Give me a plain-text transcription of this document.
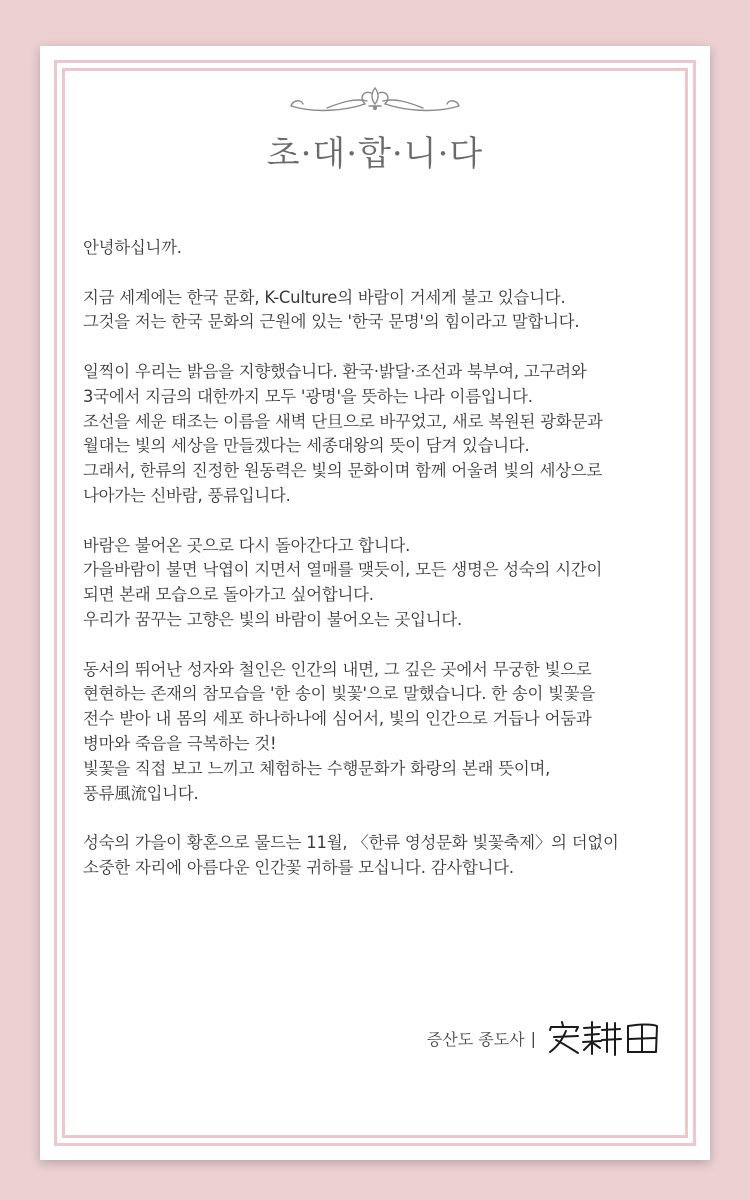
초·대·합·니·다

안녕하십니까.

지금 세계에는 한국 문화, K-Culture의 바람이 거세게 불고 있습니다.
그것을 저는 한국 문화의 근원에 있는 '한국 문명'의 힘이라고 말합니다.

일찍이 우리는 밝음을 지향했습니다. 환국·밝달·조선과 북부여, 고구려와
3국에서 지금의 대한까지 모두 '광명'을 뜻하는 나라 이름입니다.
조선을 세운 태조는 이름을 새벽 단旦으로 바꾸었고, 새로 복원된 광화문과
월대는 빛의 세상을 만들겠다는 세종대왕의 뜻이 담겨 있습니다.
그래서, 한류의 진정한 원동력은 빛의 문화이며 함께 어울려 빛의 세상으로
나아가는 신바람, 풍류입니다.

바람은 불어온 곳으로 다시 돌아간다고 합니다.
가을바람이 불면 낙엽이 지면서 열매를 맺듯이, 모든 생명은 성숙의 시간이
되면 본래 모습으로 돌아가고 싶어합니다.
우리가 꿈꾸는 고향은 빛의 바람이 불어오는 곳입니다.

동서의 뛰어난 성자와 철인은 인간의 내면, 그 깊은 곳에서 무궁한 빛으로
현현하는 존재의 참모습을 '한 송이 빛꽃'으로 말했습니다. 한 송이 빛꽃을
전수 받아 내 몸의 세포 하나하나에 심어서, 빛의 인간으로 거듭나 어둠과
병마와 죽음을 극복하는 것!
빛꽃을 직접 보고 느끼고 체험하는 수행문화가 화랑의 본래 뜻이며,
풍류風流입니다.

성숙의 가을이 황혼으로 물드는 11월, 〈한류 영성문화 빛꽃축제〉의 더없이
소중한 자리에 아름다운 인간꽃 귀하를 모십니다. 감사합니다.

증산도 종도사 |
